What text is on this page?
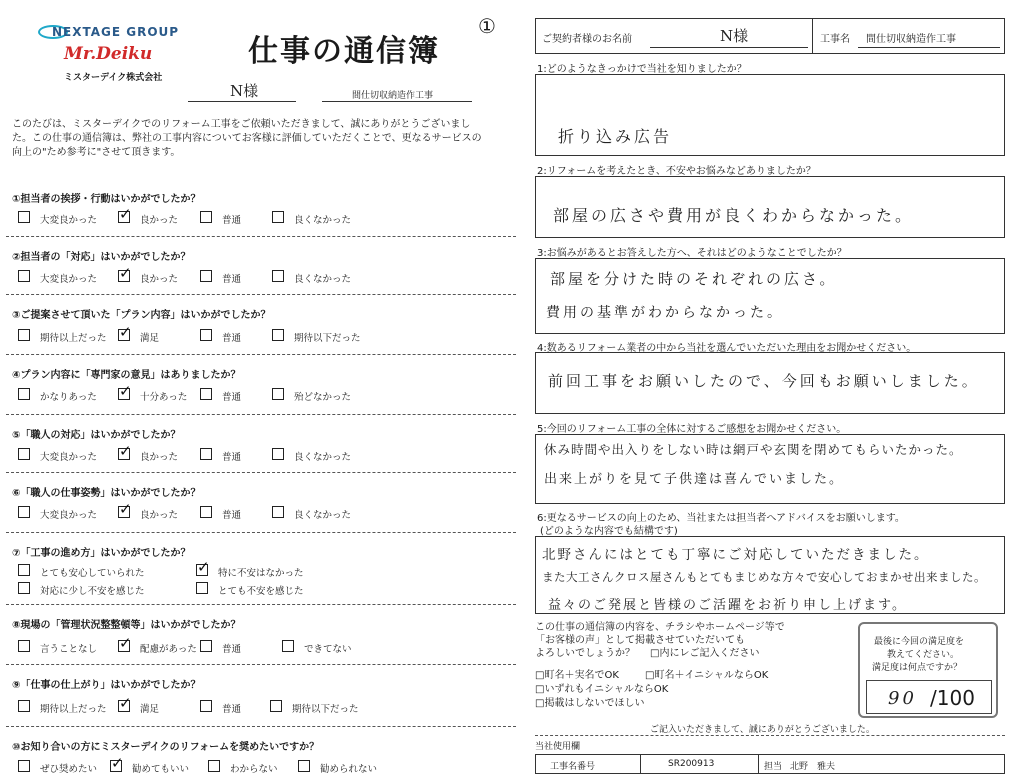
NEXTAGE GROUP
Mr.Deiku
ミスターデイク株式会社
仕事の通信簿
①
N様	間仕切収納造作工事
このたびは、ミスターデイクでのリフォーム工事をご依頼いただきまして、誠にありがとうございました。この仕事の通信簿は、弊社の工事内容についてお客様に評価していただくことで、更なるサービスの向上の"ため参考に"させて頂きます。
①担当者の挨拶・行動はいかがでしたか？
大変良かった ✓ 良かった	普通	良くなかった
②担当者の「対応」はいかがでしたか？
大変良かった ✓ 良かった	普通	良くなかった
③ご提案させて頂いた「プラン内容」はいかがでしたか？
期待以上だった ✓ 満足	普通	期待以下だった
④プラン内容に「専門家の意見」はありましたか？
かなりあった ✓ 十分あった	普通	殆どなかった
⑤「職人の対応」はいかがでしたか？
大変良かった ✓ 良かった	普通	良くなかった
⑥「職人の仕事姿勢」はいかがでしたか？
大変良かった ✓ 良かった	普通	良くなかった
⑦「工事の進め方」はいかがでしたか？
とても安心していられた	✓ 特に不安はなかった
対応に少し不安を感じた	とても不安を感じた
⑧現場の「管理状況整整頓等」はいかがでしたか？
言うことなし ✓ 配慮があった	普通	できてない
⑨「仕事の仕上がり」はいかがでしたか？
期待以上だった ✓ 満足	普通	期待以下だった
⑩お知り合いの方にミスターデイクのリフォームを奨めたいですか？
ぜひ奨めたい ✓ 勧めてもいい	わからない	勧められない
ご契約者様のお名前	N様	工事名 間仕切収納造作工事
1:どのようなきっかけで当社を知りましたか？
折り込み広告
2:リフォームを考えたとき、不安やお悩みなどありましたか？
部屋の広さや費用が良くわからなかった。
3:お悩みがあるとお答えした方へ、それはどのようなことでしたか？
部屋を分けた時のそれぞれの広さ。
費用の基準がわからなかった。
4:数あるリフォーム業者の中から当社を選んでいただいた理由をお聞かせください。
前回工事をお願いしたので、今回もお願いしました。
5:今回のリフォーム工事の全体に対するご感想をお聞かせください。
休み時間や出入りをしない時は網戸や玄関を閉めてもらいたかった。
出来上がりを見て子供達は喜んでいました。
6:更なるサービスの向上のため、当社または担当者へアドバイスをお願いします。
(どのような内容でも結構です)
北野さんにはとても丁寧にご対応していただきました。
また大工さんクロス屋さんもとてもまじめな方々で安心しておまかせ出来ました。
益々のご発展と皆様のご活躍をお祈り申し上げます。
この仕事の通信簿の内容を、チラシやホームページ等で
「お客様の声」として掲載させていただいても
よろしいでしょうか？ □内にレご記入ください
□町名＋実名でOK	□町名＋イニシャルならOK
□いずれもイニシャルならOK
□掲載はしないでほしい
最後に今回の満足度を
教えてください。
満足度は何点ですか？
90 /100
ご記入いただきまして、誠にありがとうございました。
当社使用欄
工事名番号	SR200913	担当 北野　雅夫
